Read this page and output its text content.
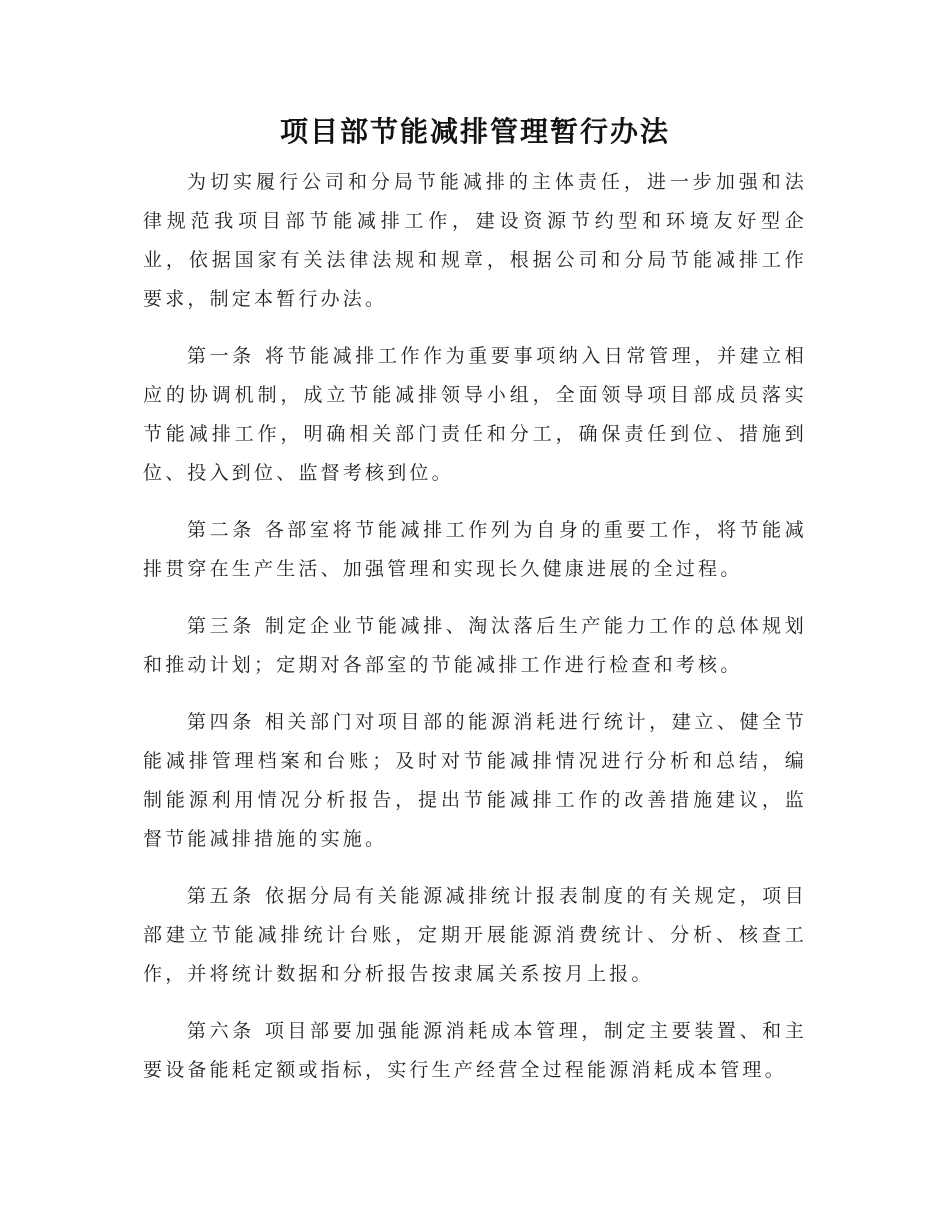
项目部节能减排管理暂行办法

为切实履行公司和分局节能减排的主体责任，进一步加强和法律规范我项目部节能减排工作，建设资源节约型和环境友好型企业，依据国家有关法律法规和规章，根据公司和分局节能减排工作要求，制定本暂行办法。

第一条 将节能减排工作作为重要事项纳入日常管理，并建立相应的协调机制，成立节能减排领导小组，全面领导项目部成员落实节能减排工作，明确相关部门责任和分工，确保责任到位、措施到位、投入到位、监督考核到位。

第二条 各部室将节能减排工作列为自身的重要工作，将节能减排贯穿在生产生活、加强管理和实现长久健康进展的全过程。

第三条 制定企业节能减排、淘汰落后生产能力工作的总体规划和推动计划；定期对各部室的节能减排工作进行检查和考核。

第四条 相关部门对项目部的能源消耗进行统计，建立、健全节能减排管理档案和台账；及时对节能减排情况进行分析和总结，编制能源利用情况分析报告，提出节能减排工作的改善措施建议，监督节能减排措施的实施。

第五条 依据分局有关能源减排统计报表制度的有关规定，项目部建立节能减排统计台账，定期开展能源消费统计、分析、核查工作，并将统计数据和分析报告按隶属关系按月上报。

第六条 项目部要加强能源消耗成本管理，制定主要装置、和主要设备能耗定额或指标，实行生产经营全过程能源消耗成本管理。
